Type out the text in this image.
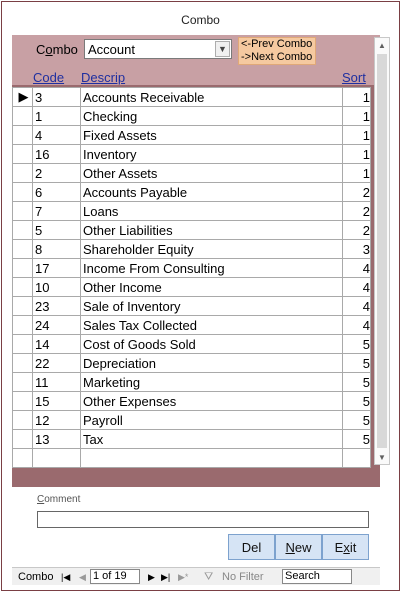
Combo
Combo Account	▼ <-Prev Combo
->Next Combo
Code Descrip	Sort
▶	3	Accounts Receivable	1
	1	Checking	1
	4	Fixed Assets	1
	16	Inventory	1
	2	Other Assets	1
	6	Accounts Payable	2
	7	Loans	2
	5	Other Liabilities	2
	8	Shareholder Equity	3
	17	Income From Consulting	4
	10	Other Income	4
	23	Sale of Inventory	4
	24	Sales Tax Collected	4
	14	Cost of Goods Sold	5
	22	Depreciation	5
	11	Marketing	5
	15	Other Expenses	5
	12	Payroll	5
	13	Tax	5

▲
▼
Comment
Del N ew E x it
Combo |◀ ◀ 1 of 19	▶ ▶| ▶* ⛛ No Filter Search
